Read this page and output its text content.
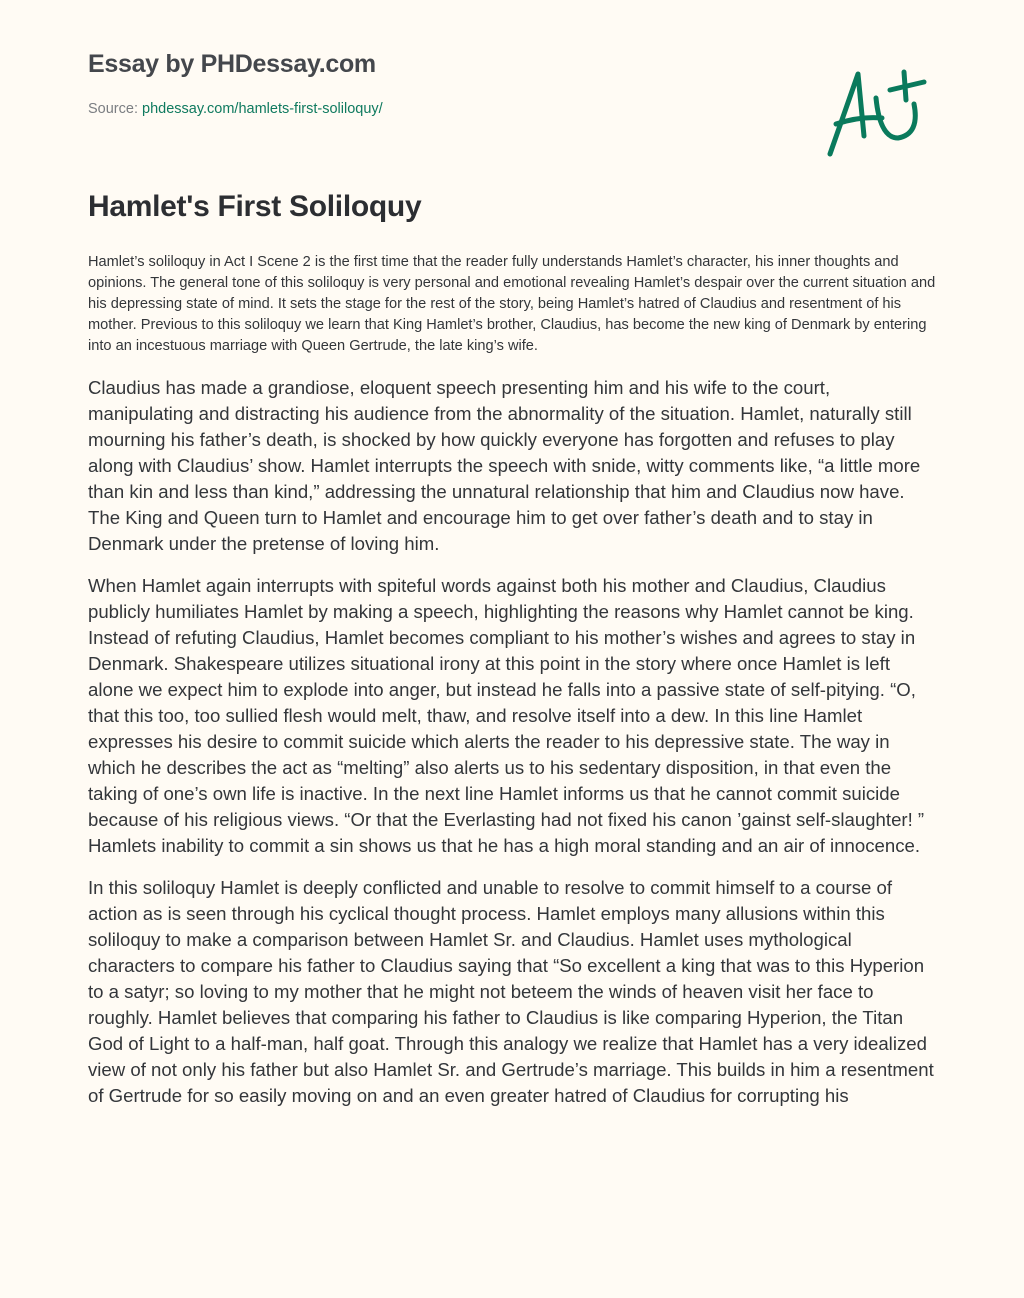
Essay by PHDessay.com
Source: phdessay.com/hamlets-first-soliloquy/
Hamlet's First Soliloquy

Hamlet’s soliloquy in Act I Scene 2 is the first time that the reader fully understands Hamlet’s character, his inner thoughts and opinions. The general tone of this soliloquy is very personal and emotional revealing Hamlet’s despair over the current situation and his depressing state of mind. It sets the stage for the rest of the story, being Hamlet’s hatred of Claudius and resentment of his mother. Previous to this soliloquy we learn that King Hamlet’s brother, Claudius, has become the new king of Denmark by entering into an incestuous marriage with Queen Gertrude, the late king’s wife.

Claudius has made a grandiose, eloquent speech presenting him and his wife to the court, manipulating and distracting his audience from the abnormality of the situation. Hamlet, naturally still mourning his father’s death, is shocked by how quickly everyone has forgotten and refuses to play along with Claudius’ show. Hamlet interrupts the speech with snide, witty comments like, “a little more than kin and less than kind,” addressing the unnatural relationship that him and Claudius now have. The King and Queen turn to Hamlet and encourage him to get over father’s death and to stay in Denmark under the pretense of loving him.

When Hamlet again interrupts with spiteful words against both his mother and Claudius, Claudius publicly humiliates Hamlet by making a speech, highlighting the reasons why Hamlet cannot be king. Instead of refuting Claudius, Hamlet becomes compliant to his mother’s wishes and agrees to stay in Denmark. Shakespeare utilizes situational irony at this point in the story where once Hamlet is left alone we expect him to explode into anger, but instead he falls into a passive state of self-pitying. “O, that this too, too sullied flesh would melt, thaw, and resolve itself into a dew. In this line Hamlet expresses his desire to commit suicide which alerts the reader to his depressive state. The way in which he describes the act as “melting” also alerts us to his sedentary disposition, in that even the taking of one’s own life is inactive. In the next line Hamlet informs us that he cannot commit suicide because of his religious views. “Or that the Everlasting had not fixed his canon ’gainst self-slaughter! ” Hamlets inability to commit a sin shows us that he has a high moral standing and an air of innocence.

In this soliloquy Hamlet is deeply conflicted and unable to resolve to commit himself to a course of action as is seen through his cyclical thought process. Hamlet employs many allusions within this soliloquy to make a comparison between Hamlet Sr. and Claudius. Hamlet uses mythological characters to compare his father to Claudius saying that “So excellent a king that was to this Hyperion to a satyr; so loving to my mother that he might not beteem the winds of heaven visit her face to roughly. Hamlet believes that comparing his father to Claudius is like comparing Hyperion, the Titan God of Light to a half-man, half goat. Through this analogy we realize that Hamlet has a very idealized view of not only his father but also Hamlet Sr. and Gertrude’s marriage. This builds in him a resentment of Gertrude for so easily moving on and an even greater hatred of Claudius for corrupting his
